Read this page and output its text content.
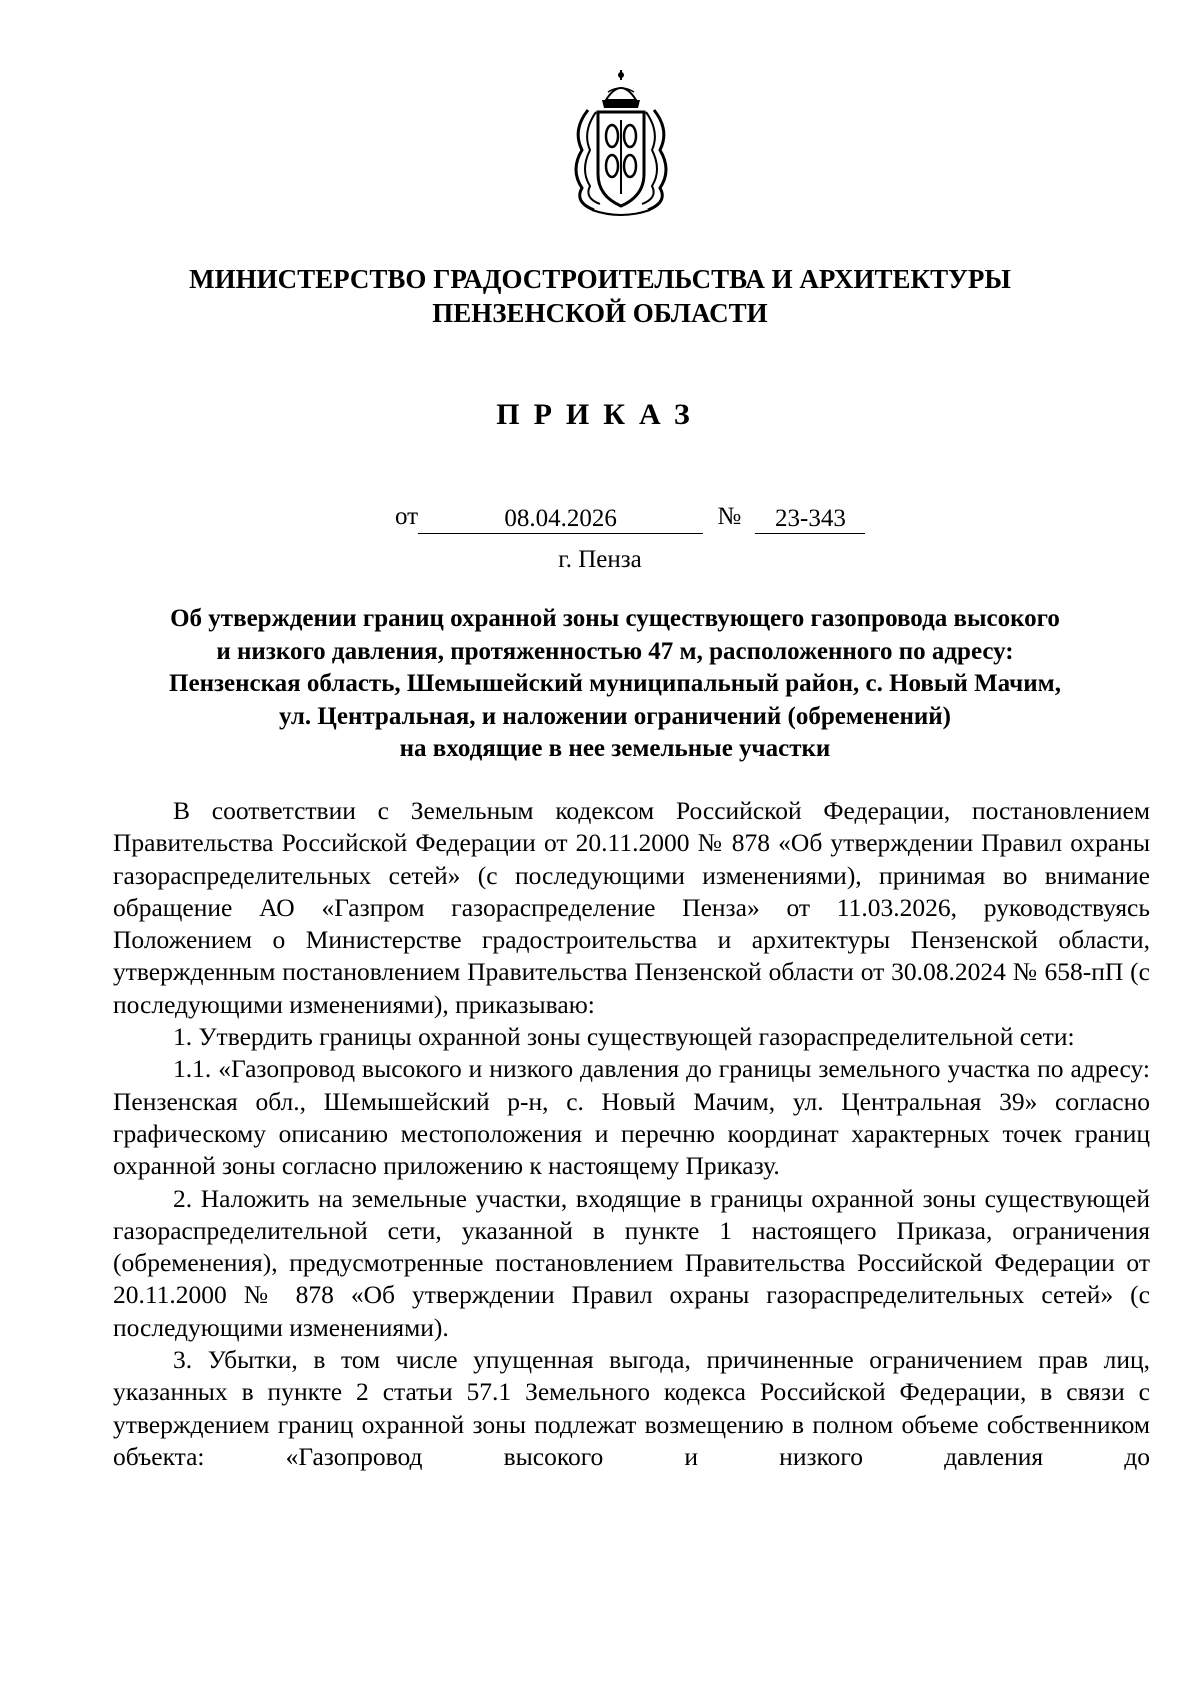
МИНИСТЕРСТВО ГРАДОСТРОИТЕЛЬСТВА И АРХИТЕКТУРЫ
ПЕНЗЕНСКОЙ ОБЛАСТИ
ПРИКАЗ
от	08.04.2026	№ 23-343
г. Пенза
Об утверждении границ охранной зоны существующего газопровода высокого
и низкого давления, протяженностью 47 м, расположенного по адресу:
Пензенская область, Шемышейский муниципальный район, с. Новый Мачим,
ул. Центральная, и наложении ограничений (обременений)
на входящие в нее земельные участки

В соответствии с Земельным кодексом Российской Федерации, постановлением Правительства Российской Федерации от 20.11.2000 № 878 «Об утверждении Правил охраны газораспределительных сетей» (с последующими изменениями), принимая во внимание обращение АО «Газпром газораспределение Пенза» от 11.03.2026, руководствуясь Положением о Министерстве градостроительства и архитектуры Пензенской области, утвержденным постановлением Правительства Пензенской области от 30.08.2024 № 658-пП (с последующими изменениями), приказываю:

1. Утвердить границы охранной зоны существующей газораспределительной сети:

1.1. «Газопровод высокого и низкого давления до границы земельного участка по адресу: Пензенская обл., Шемышейский р-н, с. Новый Мачим, ул. Центральная 39» согласно графическому описанию местоположения и перечню координат характерных точек границ охранной зоны согласно приложению к настоящему Приказу.

2. Наложить на земельные участки, входящие в границы охранной зоны существующей газораспределительной сети, указанной в пункте 1 настоящего Приказа, ограничения (обременения), предусмотренные постановлением Правительства Российской Федерации от 20.11.2000 № 878 «Об утверждении Правил охраны газораспределительных сетей» (с последующими изменениями).

3. Убытки, в том числе упущенная выгода, причиненные ограничением прав лиц, указанных в пункте 2 статьи 57.1 Земельного кодекса Российской Федерации, в связи с утверждением границ охранной зоны подлежат возмещению в полном объеме собственником объекта: «Газопровод высокого и низкого давления до
